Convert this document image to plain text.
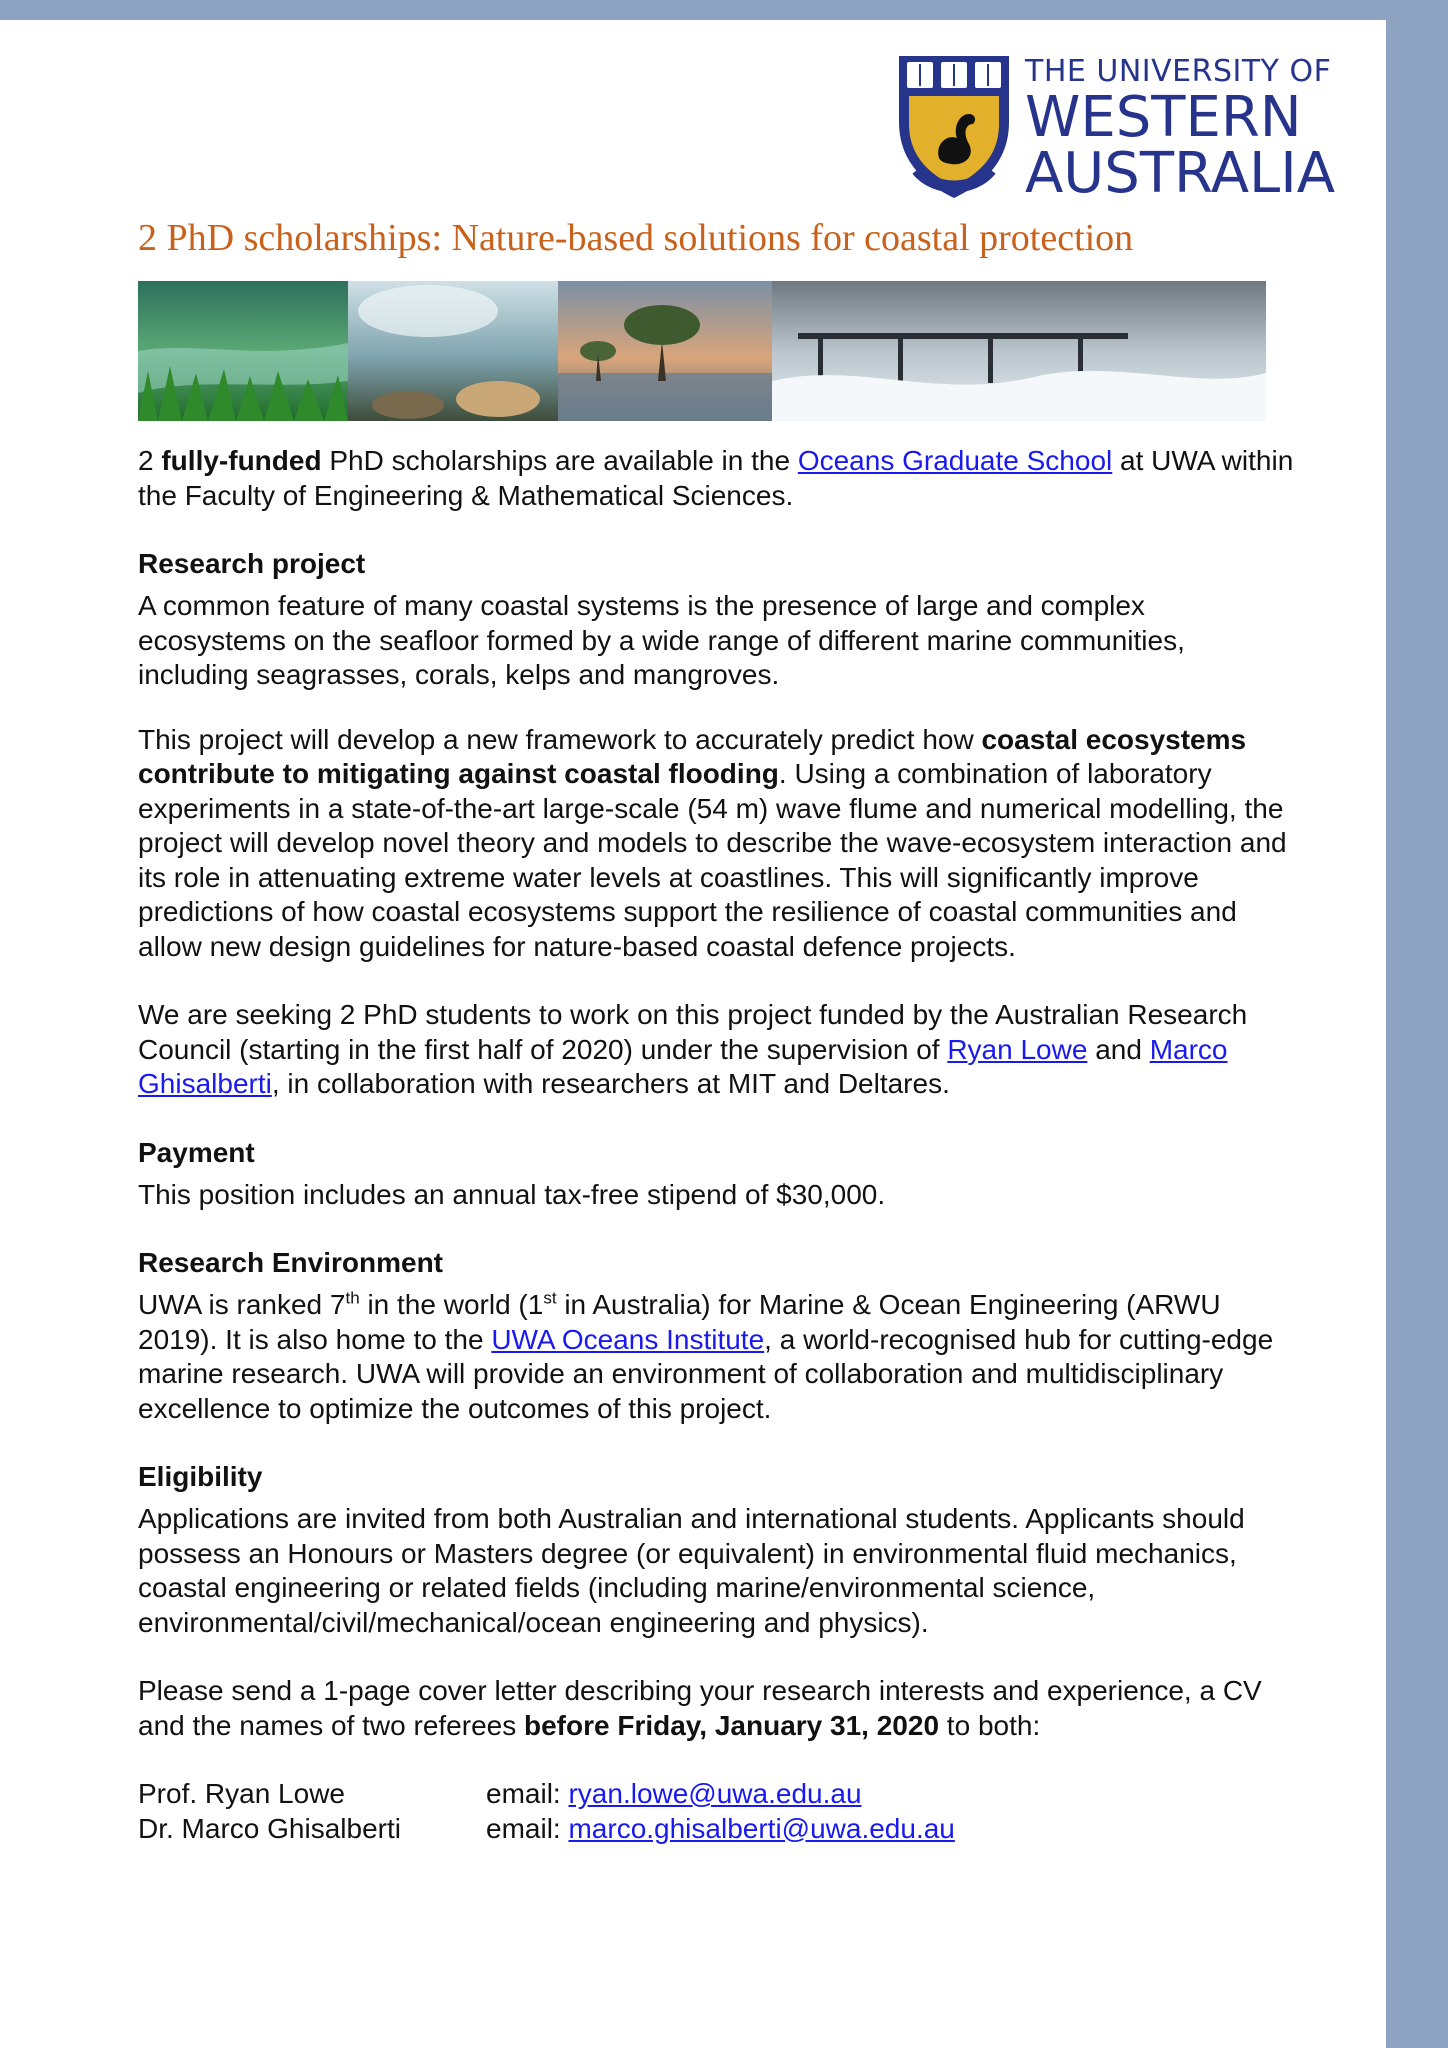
THE UNIVERSITY OF
WESTERN
AUSTRALIA
2 PhD scholarships: Nature-based solutions for coastal protection

2 fully-funded PhD scholarships are available in the Oceans Graduate School at UWA within the Faculty of Engineering & Mathematical Sciences.

Research project

A common feature of many coastal systems is the presence of large and complex ecosystems on the seafloor formed by a wide range of different marine communities, including seagrasses, corals, kelps and mangroves.

This project will develop a new framework to accurately predict how coastal ecosystems contribute to mitigating against coastal flooding. Using a combination of laboratory experiments in a state-of-the-art large-scale (54 m) wave flume and numerical modelling, the project will develop novel theory and models to describe the wave-ecosystem interaction and its role in attenuating extreme water levels at coastlines. This will significantly improve predictions of how coastal ecosystems support the resilience of coastal communities and allow new design guidelines for nature-based coastal defence projects.

We are seeking 2 PhD students to work on this project funded by the Australian Research Council (starting in the first half of 2020) under the supervision of Ryan Lowe and Marco Ghisalberti, in collaboration with researchers at MIT and Deltares.

Payment

This position includes an annual tax-free stipend of $30,000.

Research Environment

UWA is ranked 7th in the world (1st in Australia) for Marine & Ocean Engineering (ARWU 2019). It is also home to the UWA Oceans Institute, a world-recognised hub for cutting-edge marine research. UWA will provide an environment of collaboration and multidisciplinary excellence to optimize the outcomes of this project.

Eligibility

Applications are invited from both Australian and international students. Applicants should possess an Honours or Masters degree (or equivalent) in environmental fluid mechanics, coastal engineering or related fields (including marine/environmental science, environmental/civil/mechanical/ocean engineering and physics).

Please send a 1-page cover letter describing your research interests and experience, a CV and the names of two referees before Friday, January 31, 2020 to both:

Prof. Ryan Lowe	email: ryan.lowe@uwa.edu.au
Dr. Marco Ghisalberti	email: marco.ghisalberti@uwa.edu.au
